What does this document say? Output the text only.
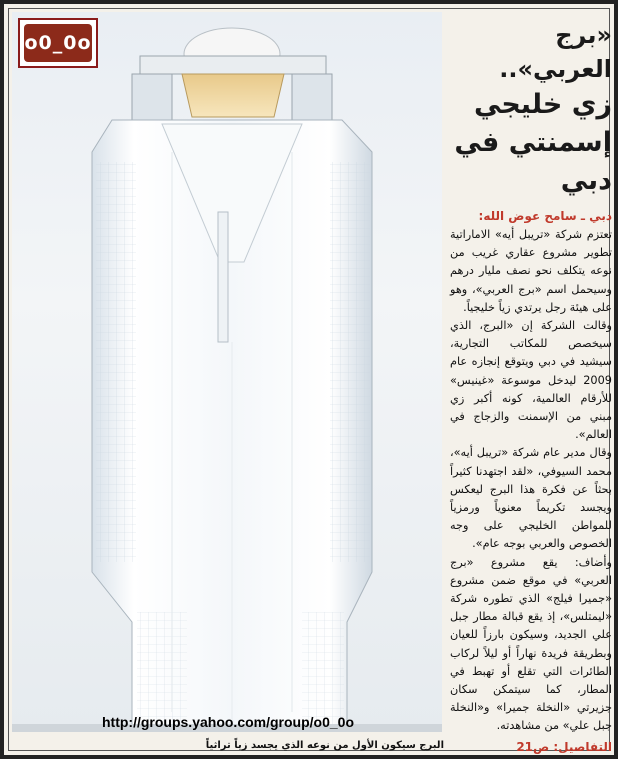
http://groups.yahoo.com/group/o0_0o
o0_0o
البرج سيكون الأول من نوعه الذي يجسد زياً تراثياً
«برج العربي»..
زي خليجي
إسمنتي في دبي
دبي ـ سامح عوض الله:

تعتزم شركة «تريبل أيه» الاماراتية تطوير مشروع عقاري غريب من نوعه يتكلف نحو نصف مليار درهم وسيحمل اسم «برج العربي»، وهو على هيئة رجل يرتدي زياً خليجياً.

وقالت الشركة إن «البرج، الذي سيخصص للمكاتب التجارية، سيشيد في دبي ويتوقع إنجازه عام 2009 ليدخل موسوعة «غينيس» للأرقام العالمية، كونه أكبر زي مبني من الإسمنت والزجاج في العالم».

وقال مدير عام شركة «تريبل أيه»، محمد السيوفي، «لقد اجتهدنا كثيراً بحثاً عن فكرة هذا البرج ليعكس ويجسد تكريماً معنوياً ورمزياً للمواطن الخليجي على وجه الخصوص والعربي بوجه عام».

وأضاف: يقع مشروع «برج العربي» في موقع ضمن مشروع «جميرا فيلج» الذي تطوره شركة «ليمتلس»، إذ يقع قبالة مطار جبل علي الجديد، وسيكون بارزاً للعيان وبطريقة فريدة نهاراً أو ليلاً لركاب الطائرات التي تقلع أو تهبط في المطار، كما سيتمكن سكان جزيرتي «النخلة جميرا» و«النخلة جبل علي» من مشاهدته.

التفاصيل: ص21
